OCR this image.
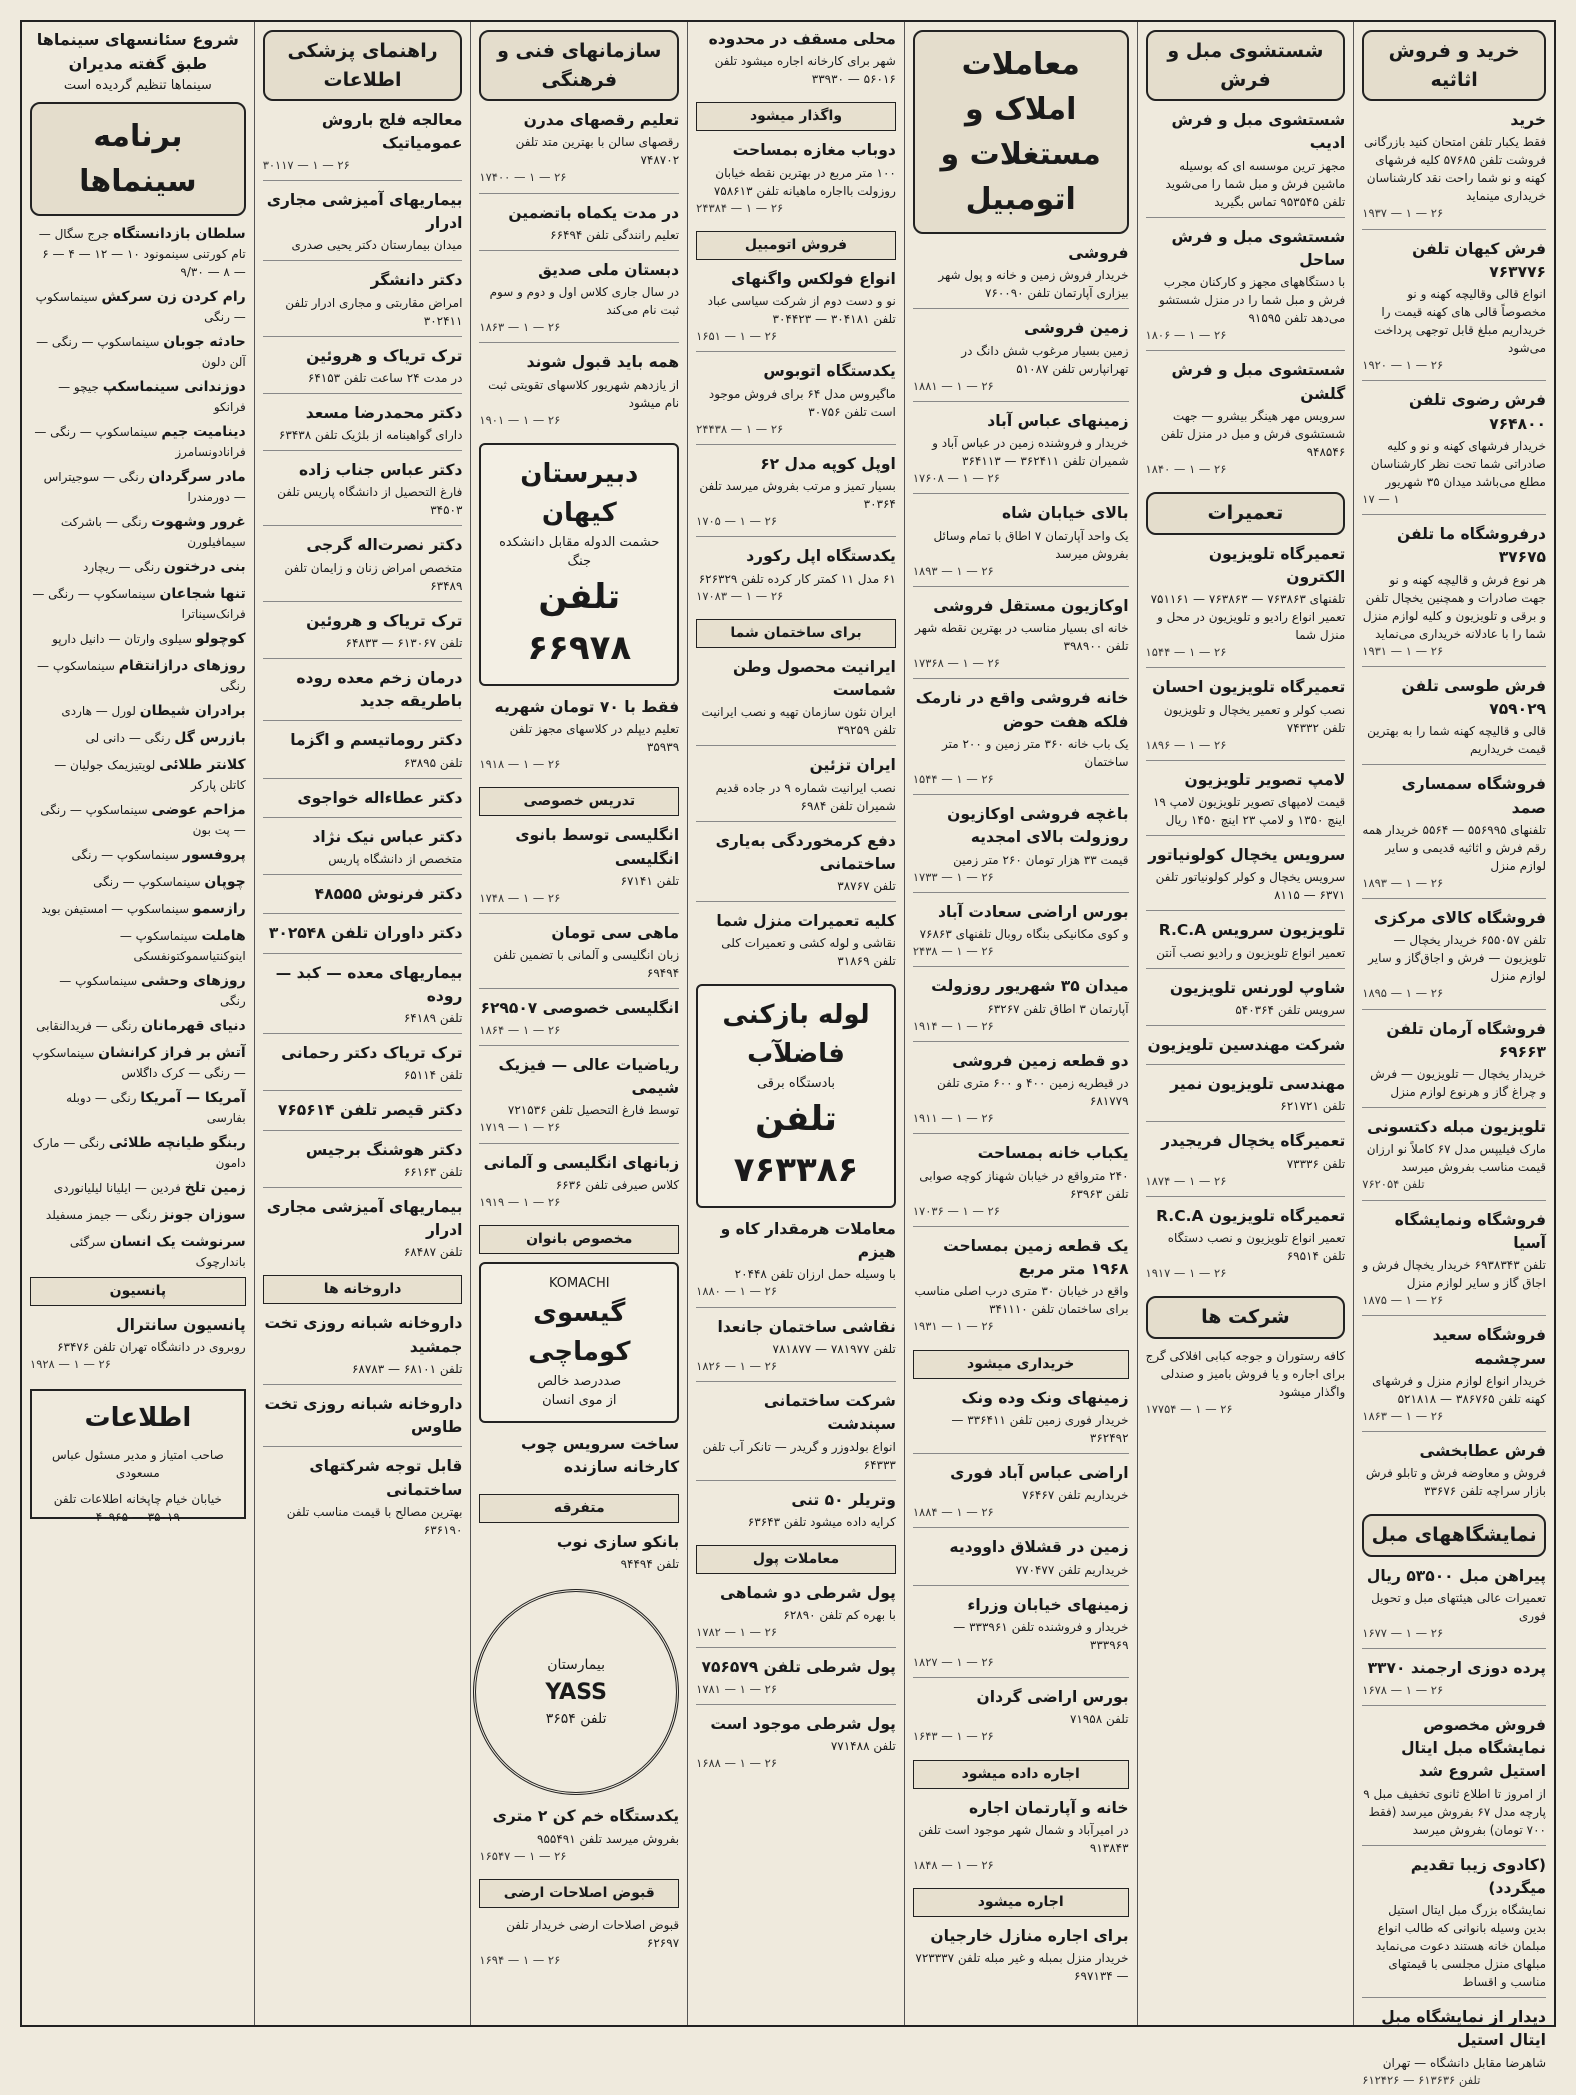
خرید و فروش اثاثیه
خرید
فقط یکبار تلفن امتحان کنید بازرگانی فروشت تلفن ۵۷۶۸۵ کلیه فرشهای کهنه و نو شما راحت نقد کارشناسان خریداری مینماید
۱۹۳۷ — ۱ — ۲۶
فرش کیهان تلفن ۷۶۳۷۷۶
انواع قالی وقالیچه کهنه و نو مخصوصاً قالی های کهنه قیمت را خریداریم مبلغ قابل توجهی پرداخت می‌شود
۱۹۲۰ — ۱ — ۲۶
فرش رضوی تلفن ۷۶۴۸۰۰
خریدار فرشهای کهنه و نو و کلیه صادراتی شما تحت نظر کارشناسان مطلع می‌باشد میدان ۳۵ شهریور
۱۷ — ۱
درفروشگاه ما تلفن ۳۷۶۷۵
هر نوع فرش و قالیچه کهنه و نو جهت صادرات و همچنین یخچال تلفن و برقی و تلویزیون و کلیه لوازم منزل شما را با عادلانه خریداری می‌نماید
۱۹۳۱ — ۱ — ۲۶
فرش طوسی تلفن ۷۵۹۰۲۹
قالی و قالیچه کهنه شما را به بهترین قیمت خریداریم
فروشگاه سمساری صمد
تلفنهای ۵۵۶۹۹۵ — ۵۵۶۴ خریدار همه رقم فرش و اثاثیه قدیمی و سایر لوازم منزل
۱۸۹۳ — ۱ — ۲۶
فروشگاه کالای مرکزی
تلفن ۶۵۵۰۵۷ خریدار یخچال — تلویزیون — فرش و اجاق‌گاز و سایر لوازم منزل
۱۸۹۵ — ۱ — ۲۶
فروشگاه آرمان تلفن ۶۹۶۶۳
خریدار یخچال — تلویزیون — فرش و چراغ گاز و هرنوع لوازم منزل
تلویزیون مبله دکتسونی
مارک فیلیپس مدل ۶۷ کاملاً نو ارزان قیمت مناسب بفروش میرسد
تلفن ۷۶۲۰۵۴
فروشگاه ونمایشگاه آسیا
تلفن ۶۹۳۸۳۴۳ خریدار یخچال فرش و اجاق گاز و سایر لوازم منزل
۱۸۷۵ — ۱ — ۲۶
فروشگاه سعید سرچشمه
خریدار انواع لوازم منزل و فرشهای کهنه تلفن ۳۸۶۷۶۵ — ۵۲۱۸۱۸
۱۸۶۳ — ۱ — ۲۶
فرش عطابخشی
فروش و معاوضه فرش و تابلو فرش بازار سراچه تلفن ۳۳۶۷۶
نمایشگاههای مبل
پیراهن مبل ۵۳۵۰۰ ریال
تعمیرات عالی هیئتهای مبل و تحویل فوری
۱۶۷۷ — ۱ — ۲۶
پرده دوزی ارجمند ۳۳۷۰
۱۶۷۸ — ۱ — ۲۶
فروش مخصوص نمایشگاه مبل ایتال استیل شروع شد
از امروز تا اطلاع ثانوی تخفیف مبل ۹ پارچه مدل ۶۷ بفروش میرسد (فقط ۷۰۰ تومان) بفروش میرسد
(کادوی زیبا تقدیم میگردد)
نمایشگاه بزرگ مبل ایتال استیل بدین وسیله بانوانی که طالب انواع مبلمان خانه هستند دعوت می‌نماید مبلهای منزل مجلسی با قیمتهای مناسب و اقساط
دیدار از نمایشگاه مبل ایتال استیل
شاهرضا مقابل دانشگاه — تهران
تلفن ۶۱۳۶۳۶ — ۶۱۲۴۲۶
شستشوی مبل و فرش
شستشوی مبل و فرش ادیب
مجهز ترین موسسه ای که بوسیله ماشین فرش و مبل شما را می‌شوید تلفن ۹۵۳۵۴۵ تماس بگیرید
شستشوی مبل و فرش ساحل
با دستگاههای مجهز و کارکنان مجرب فرش و مبل شما را در منزل شستشو می‌دهد تلفن ۹۱۵۹۵
۱۸۰۶ — ۱ — ۲۶
شستشوی مبل و فرش گلشن
سرویس مهر هینگر بیشرو — جهت شستشوی فرش و مبل در منزل تلفن ۹۴۸۵۴۶
۱۸۴۰ — ۱ — ۲۶
تعمیرات
تعمیرگاه تلویزیون الکترون
تلفنهای ۷۶۳۸۶۳ — ۷۶۳۸۶۳ — ۷۵۱۱۶۱ تعمیر انواع رادیو و تلویزیون در محل و منزل شما
۱۵۴۴ — ۱ — ۲۶
تعمیرگاه تلویزیون احسان
نصب کولر و تعمیر یخچال و تلویزیون تلفن ۷۴۳۳۲
۱۸۹۶ — ۱ — ۲۶
لامپ تصویر تلویزیون
قیمت لامپهای تصویر تلویزیون لامپ ۱۹ اینچ ۱۳۵۰ و لامپ ۲۳ اینچ ۱۴۵۰ ریال
سرویس یخچال کولونیاتور
سرویس یخچال و کولر کولونیاتور تلفن ۶۳۷۱ — ۸۱۱۵
تلویزیون سرویس R.C.A
تعمیر انواع تلویزیون و رادیو نصب آنتن
شاوپ لورنس تلویزیون
سرویس تلفن ۵۴۰۳۶۴
شرکت مهندسین تلویزیون
مهندسی تلویزیون نمیر
تلفن ۶۲۱۷۲۱
تعمیرگاه یخچال فریجیدر
تلفن ۷۳۳۳۶
۱۸۷۴ — ۱ — ۲۶
تعمیرگاه تلویزیون R.C.A
تعمیر انواع تلویزیون و نصب دستگاه تلفن ۶۹۵۱۴
۱۹۱۷ — ۱ — ۲۶
شرکت ها
کافه رستوران و جوجه کبابی افلاکی گرج برای اجاره و یا فروش بامیز و صندلی واگذار میشود
۱۷۷۵۴ — ۱ — ۲۶
معاملات املاک و مستغلات و اتومبیل
فروشی
خریدار فروش زمین و خانه و پول شهر بیزاری آپارتمان تلفن ۷۶۰۰۹۰
زمین فروشی
زمین بسیار مرغوب شش دانگ در تهرانپارس تلفن ۵۱۰۸۷
۱۸۸۱ — ۱ — ۲۶
زمینهای عباس آباد
خریدار و فروشنده زمین در عباس آباد و شمیران تلفن ۳۶۲۴۱۱ — ۳۶۴۱۱۳
۱۷۶۰۸ — ۱ — ۲۶
بالای خیابان شاه
یک واحد آپارتمان ۷ اطاق با تمام وسائل بفروش میرسد
۱۸۹۳ — ۱ — ۲۶
اوکازیون مستقل فروشی
خانه ای بسیار مناسب در بهترین نقطه شهر تلفن ۳۹۸۹۰۰
۱۷۳۶۸ — ۱ — ۲۶
خانه فروشی واقع در نارمک فلکه هفت حوض
یک باب خانه ۳۶۰ متر زمین و ۲۰۰ متر ساختمان
۱۵۴۴ — ۱ — ۲۶
باغچه فروشی اوکازیون روزولت بالای امجدیه
قیمت ۳۳ هزار تومان ۲۶۰ متر زمین
۱۷۳۳ — ۱ — ۲۶
بورس اراضی سعادت آباد
و کوی مکانیکی بنگاه روبال تلفنهای ۷۶۸۶۳
۲۴۳۸ — ۱ — ۲۶
میدان ۳۵ شهریور روزولت
آپارتمان ۳ اطاق تلفن ۶۳۲۶۷
۱۹۱۴ — ۱ — ۲۶
دو قطعه زمین فروشی
در قیطریه زمین ۴۰۰ و ۶۰۰ متری تلفن ۶۸۱۷۷۹
۱۹۱۱ — ۱ — ۲۶
یکباب خانه بمساحت
۲۴۰ مترواقع در خیابان شهناز کوچه صوابی تلفن ۶۳۹۶۳
۱۷۰۳۶ — ۱ — ۲۶
یک قطعه زمین بمساحت ۱۹۶۸ متر مربع
واقع در خیابان ۳۰ متری درب اصلی مناسب برای ساختمان تلفن ۳۴۱۱۱۰
۱۹۳۱ — ۱ — ۲۶
خریداری میشود
زمینهای ونک وده ونک
خریدار فوری زمین تلفن ۳۳۶۴۱۱ — ۳۶۲۴۹۲
اراضی عباس آباد فوری
خریداریم تلفن ۷۶۴۶۷
۱۸۸۴ — ۱ — ۲۶
زمین در قشلاق داوودیه
خریداریم تلفن ۷۷۰۴۷۷
زمینهای خیابان وزراء
خریدار و فروشنده تلفن ۳۳۳۹۶۱ — ۳۳۳۹۶۹
۱۸۲۷ — ۱ — ۲۶
بورس اراضی گردان
تلفن ۷۱۹۵۸
۱۶۴۳ — ۱ — ۲۶
اجاره داده میشود
خانه و آپارتمان اجاره
در امیرآباد و شمال شهر موجود است تلفن ۹۱۳۸۴۳
۱۸۴۸ — ۱ — ۲۶
اجاره میشود
برای اجاره منازل خارجیان
خریدار منزل بمبله و غیر مبله تلفن ۷۲۳۳۳۷ — ۶۹۷۱۳۴
محلی مسقف در محدوده
شهر برای کارخانه اجاره میشود تلفن ۵۶۰۱۶ — ۳۳۹۳۰
واگذار میشود
دوباب مغازه بمساحت
۱۰۰ متر مربع در بهترین نقطه خیابان روزولت بااجاره ماهیانه تلفن ۷۵۸۶۱۳
۲۴۳۸۴ — ۱ — ۲۶
فروش اتومبیل
انواع فولکس واگنهای
نو و دست دوم از شرکت سیاسی عباد تلفن ۳۰۴۱۸۱ — ۳۰۴۴۲۳
۱۶۵۱ — ۱ — ۲۶
یکدستگاه اتوبوس
ماگیروس مدل ۶۴ برای فروش موجود است تلفن ۳۰۷۵۶
۲۴۴۳۸ — ۱ — ۲۶
اوپل کوپه مدل ۶۲
بسیار تمیز و مرتب بفروش میرسد تلفن ۳۰۳۶۴
۱۷۰۵ — ۱ — ۲۶
یکدستگاه اپل رکورد
۶۱ مدل ۱۱ کمتر کار کرده تلفن ۶۲۶۳۲۹
۱۷۰۸۳ — ۱ — ۲۶
برای ساختمان شما
ایرانیت محصول وطن شماست
ایران نئون سازمان تهیه و نصب ایرانیت تلفن ۳۹۲۵۹
ایران تزئین
نصب ایرانیت شماره ۹ در جاده قدیم شمیران تلفن ۶۹۸۴
دفع کرمخوردگی به‌یاری ساختمانی
تلفن ۳۸۷۶۷
کلیه تعمیرات منزل شما
نقاشی و لوله کشی و تعمیرات کلی تلفن ۳۱۸۶۹
لوله بازکنی فاضلآب
بادستگاه برقی
تلفن ۷۶۳۳۸۶
معاملات هرمقدار کاه و هیزم
با وسیله حمل ارزان تلفن ۲۰۴۴۸
۱۸۸۰ — ۱ — ۲۶
نقاشی ساختمان جانعدا
تلفن ۷۸۱۹۷۷ — ۷۸۱۸۷۷
۱۸۲۶ — ۱ — ۲۶
شرکت ساختمانی سپندشت
انواع بولدوزر و گریدر — تانکر آب تلفن ۶۴۳۳۳
وتریلر ۵۰ تنی
کرایه داده میشود تلفن ۶۳۶۴۳
معاملات پول
پول شرطی دو شماهی
با بهره کم تلفن ۶۲۸۹۰
۱۷۸۲ — ۱ — ۲۶
پول شرطی تلفن ۷۵۶۵۷۹
۱۷۸۱ — ۱ — ۲۶
پول شرطی موجود است
تلفن ۷۷۱۴۸۸
۱۶۸۸ — ۱ — ۲۶
سازمانهای فنی و فرهنگی
تعلیم رقصهای مدرن
رقصهای سالن با بهترین متد تلفن ۷۴۸۷۰۲
۱۷۴۰۰ — ۱ — ۲۶
در مدت یکماه باتضمین
تعلیم رانندگی تلفن ۶۶۴۹۴
دبستان ملی صدیق
در سال جاری کلاس اول و دوم و سوم ثبت نام می‌کند
۱۸۶۳ — ۱ — ۲۶
همه باید قبول شوند
از یازدهم شهریور کلاسهای تقویتی ثبت نام میشود
۱۹۰۱ — ۱ — ۲۶
دبیرستان کیهان
حشمت الدوله مقابل دانشکده جنگ
تلفن ۶۶۹۷۸
فقط با ۷۰ تومان شهریه
تعلیم دیپلم در کلاسهای مجهز تلفن ۳۵۹۳۹
۱۹۱۸ — ۱ — ۲۶
تدریس خصوصی
انگلیسی توسط بانوی انگلیسی
تلفن ۶۷۱۴۱
۱۷۴۸ — ۱ — ۲۶
ماهی سی تومان
زبان انگلیسی و آلمانی با تضمین تلفن ۶۹۴۹۴
انگلیسی خصوصی ۶۲۹۵۰۷
۱۸۶۴ — ۱ — ۲۶
ریاضیات عالی — فیزیک شیمی
توسط فارغ التحصیل تلفن ۷۲۱۵۳۶
۱۷۱۹ — ۱ — ۲۶
زبانهای انگلیسی و آلمانی
کلاس صیرفی تلفن ۶۶۳۶
۱۹۱۹ — ۱ — ۲۶
مخصوص بانوان
KOMACHI
گیسوی کوماچی
صددرصد خالص
از موی انسان
ساخت سرویس چوب کارخانه سازنده
متفرقه
بانکو سازی نوب
تلفن ۹۴۴۹۴
بیمارستان
YASS
تلفن ۳۶۵۴
یکدستگاه خم کن ۲ متری
بفروش میرسد تلفن ۹۵۵۴۹۱
۱۶۵۴۷ — ۱ — ۲۶
قبوض اصلاحات ارضی
قبوض اصلاحات ارضی خریدار تلفن ۶۲۶۹۷
۱۶۹۴ — ۱ — ۲۶
راهنمای پزشکی اطلاعات
معالجه فلج باروش عمومیاتیک
۳۰۱۱۷ — ۱ — ۲۶
بیماریهای آمیزشی مجاری ادرار
میدان بیمارستان دکتر یحیی صدری
دکتر دانشگر
امراض مقاربتی و مجاری ادرار تلفن ۳۰۲۴۱۱
ترک تریاک و هروئین
در مدت ۲۴ ساعت تلفن ۶۴۱۵۳
دکتر محمدرضا مسعد
دارای گواهینامه از بلژیک تلفن ۶۳۴۳۸
دکتر عباس جناب زاده
فارغ التحصیل از دانشگاه پاریس تلفن ۳۴۵۰۳
دکتر نصرت‌اله گرجی
متخصص امراض زنان و زایمان تلفن ۶۳۴۸۹
ترک تریاک و هروئین
تلفن ۶۱۳۰۶۷ — ۶۴۸۳۳
درمان زخم معده روده باطریقه جدید
دکتر روماتیسم و اگزما
تلفن ۶۳۸۹۵
دکتر عطاءاله خواجوی
دکتر عباس نیک نژاد
متخصص از دانشگاه پاریس
دکتر فرنوش ۴۸۵۵۵
دکتر داوران تلفن ۳۰۲۵۴۸
بیماریهای معده — کبد — روده
تلفن ۶۴۱۸۹
ترک تریاک دکتر رحمانی
تلفن ۶۵۱۱۴
دکتر قیصر تلفن ۷۶۵۶۱۴
دکتر هوشنگ برجیس
تلفن ۶۶۱۶۳
بیماریهای آمیزشی مجاری ادرار
تلفن ۶۸۴۸۷
داروخانه ها
داروخانه شبانه روزی تخت جمشید
تلفن ۶۸۱۰۱ — ۶۸۷۸۳
داروخانه شبانه روزی تخت طاوس
قابل توجه شرکتهای ساختمانی
بهترین مصالح با قیمت مناسب تلفن ۶۳۶۱۹۰
شروع سئانسهای سینماها طبق گفته مدیران
سینماها تنظیم گردیده است
برنامه سینماها
سلطان بازدانستگاه جرج سگال — تام کورتنی سینمونود ۱۰ — ۱۲ — ۴ — ۶ — ۸ — ۹/۳۰
رام کردن زن سرکش سینماسکوپ — رنگی
حادثه جوبان سینماسکوپ — رنگی — آلن دلون
دوزندانی سینماسکپ جیچو — فرانکو
دینامیت جیم سینماسکوپ — رنگی — فرانادونسامرز
مادر سرگردان رنگی — سوجیتراس — دورمندرا
غرور وشهوت رنگی — باشرکت سیمافیلورن
بنی درختون رنگی — ریچارد
تنها شجاعان سینماسکوپ — رنگی — فرانک‌سیناترا
کوچولو سیلوی وارتان — دانیل دارپو
روزهای درازانتقام سینماسکوپ — رنگی
برادران شیطان لورل — هاردی
بازرس گل رنگی — دانی لی
کلانتر طلائی لویتیزیمک جولیان — کاتلن پارکر
مزاحم عوضی سینماسکوپ — رنگی — پت بون
پروفسور سینماسکوپ — رنگی
چوپان سینماسکوپ — رنگی
رازسمو سینماسکوپ — امستیفن بوید
هاملت سینماسکوپ — اینوکنتیاسموکتونفسکی
روزهای وحشی سینماسکوپ — رنگی
دنیای قهرمانان رنگی — فریدالنقابی
آتش بر فراز کرانشان سینماسکوپ — رنگی — کرک داگلاس
آمریکا — آمریکا رنگی — دوبله بفارسی
ربنگو طیانچه طلائی رنگی — مارک دامون
زمین تلخ فردین — ایلیانا لیلیانوردی
سوزان جونز رنگی — جیمز مسفیلد
سرنوشت یک انسان سرگئی باندارچوک
پانسیون
پانسیون سانترال
روبروی در دانشگاه تهران تلفن ۶۳۴۷۶
۱۹۲۸ — ۱ — ۲۶
اطلاعات
صاحب امتیاز و مدیر مسئول عباس مسعودی
خیابان خیام چاپخانه اطلاعات تلفن ۳۵۰۱۹ — ۴۰۹۶۵
